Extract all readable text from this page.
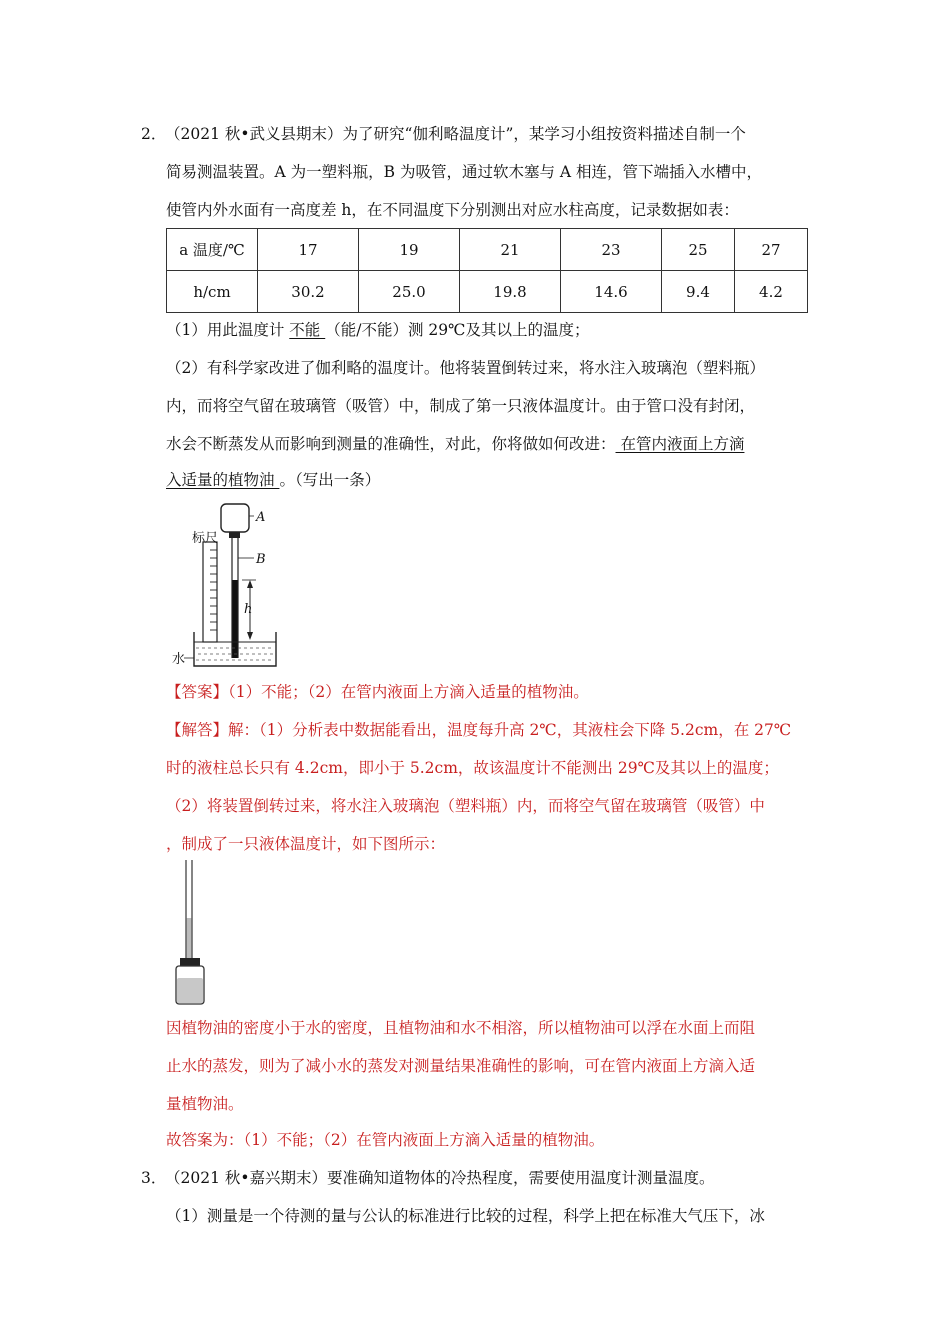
2．
（2021 秋•武义县期末）为了研究“伽利略温度计”，某学习小组按资料描述自制一个
简易测温装置。A 为一塑料瓶，B 为吸管，通过软木塞与 A 相连，管下端插入水槽中，
使管内外水面有一高度差 h，在不同温度下分别测出对应水柱高度，记录数据如表：
a 温度/℃	17	19	21	23	25	27
h/cm	30.2	25.0	19.8	14.6	9.4	4.2
（1）用此温度计 不能 （能/不能）测 29℃及其以上的温度；
（2）有科学家改进了伽利略的温度计。他将装置倒转过来，将水注入玻璃泡（塑料瓶）
内，而将空气留在玻璃管（吸管）中，制成了第一只液体温度计。由于管口没有封闭，
水会不断蒸发从而影响到测量的准确性，对此，你将做如何改进： 在管内液面上方滴
入适量的植物油 。（写出一条）
标尺
A
B
h
水
【答案】（1）不能；（2）在管内液面上方滴入适量的植物油。
【解答】解：（1）分析表中数据能看出，温度每升高 2℃，其液柱会下降 5.2cm，在 27℃
时的液柱总长只有 4.2cm，即小于 5.2cm，故该温度计不能测出 29℃及其以上的温度；
（2）将装置倒转过来，将水注入玻璃泡（塑料瓶）内，而将空气留在玻璃管（吸管）中
，制成了一只液体温度计，如下图所示：
因植物油的密度小于水的密度，且植物油和水不相溶，所以植物油可以浮在水面上而阻
止水的蒸发，则为了减小水的蒸发对测量结果准确性的影响，可在管内液面上方滴入适
量植物油。
故答案为：（1）不能；（2）在管内液面上方滴入适量的植物油。
3．
（2021 秋•嘉兴期末）要准确知道物体的冷热程度，需要使用温度计测量温度。
（1）测量是一个待测的量与公认的标准进行比较的过程，科学上把在标准大气压下，冰
